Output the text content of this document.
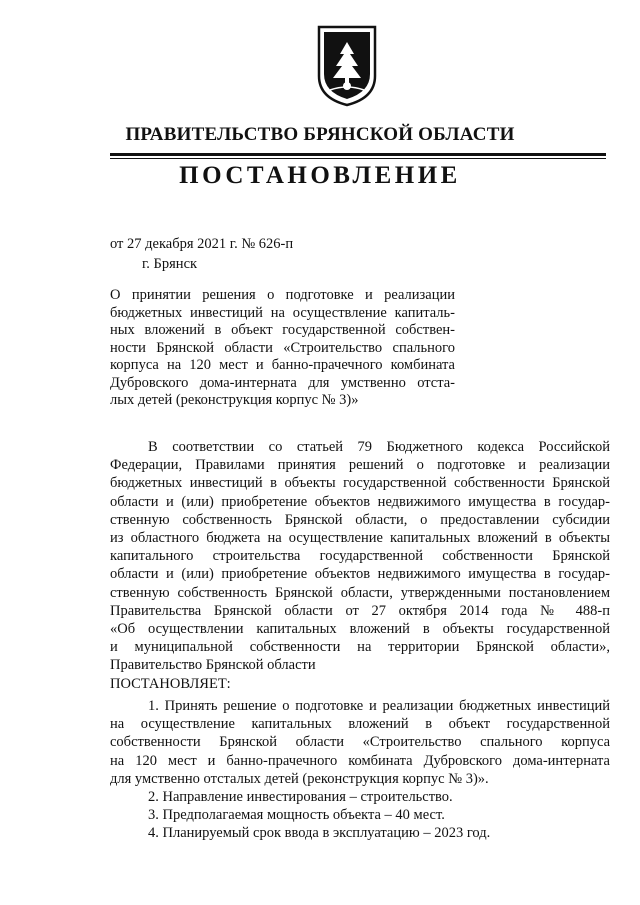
ПРАВИТЕЛЬСТВО БРЯНСКОЙ ОБЛАСТИ
ПОСТАНОВЛЕНИЕ
от 27 декабря 2021 г. № 626-п
г. Брянск
О принятии решения о подготовке и реализации
бюджетных инвестиций на осуществление капиталь-
ных вложений в объект государственной собствен-
ности Брянской области «Строительство спального
корпуса на 120 мест и банно-прачечного комбината
Дубровского дома-интерната для умственно отста-
лых детей (реконструкция корпус № 3)»
В соответствии со статьей 79 Бюджетного кодекса Российской
Федерации, Правилами принятия решений о подготовке и реализации
бюджетных инвестиций в объекты государственной собственности Брянской
области и (или) приобретение объектов недвижимого имущества в государ-
ственную собственность Брянской области, о предоставлении субсидии
из областного бюджета на осуществление капитальных вложений в объекты
капитального строительства государственной собственности Брянской
области и (или) приобретение объектов недвижимого имущества в государ-
ственную собственность Брянской области, утвержденными постановлением
Правительства Брянской области от 27 октября 2014 года № 488-п
«Об осуществлении капитальных вложений в объекты государственной
и муниципальной собственности на территории Брянской области»,
Правительство Брянской области
ПОСТАНОВЛЯЕТ:
1. Принять решение о подготовке и реализации бюджетных инвестиций
на осуществление капитальных вложений в объект государственной
собственности Брянской области «Строительство спального корпуса
на 120 мест и банно-прачечного комбината Дубровского дома-интерната
для умственно отсталых детей (реконструкция корпус № 3)».
2. Направление инвестирования – строительство.
3. Предполагаемая мощность объекта – 40 мест.
4. Планируемый срок ввода в эксплуатацию – 2023 год.
